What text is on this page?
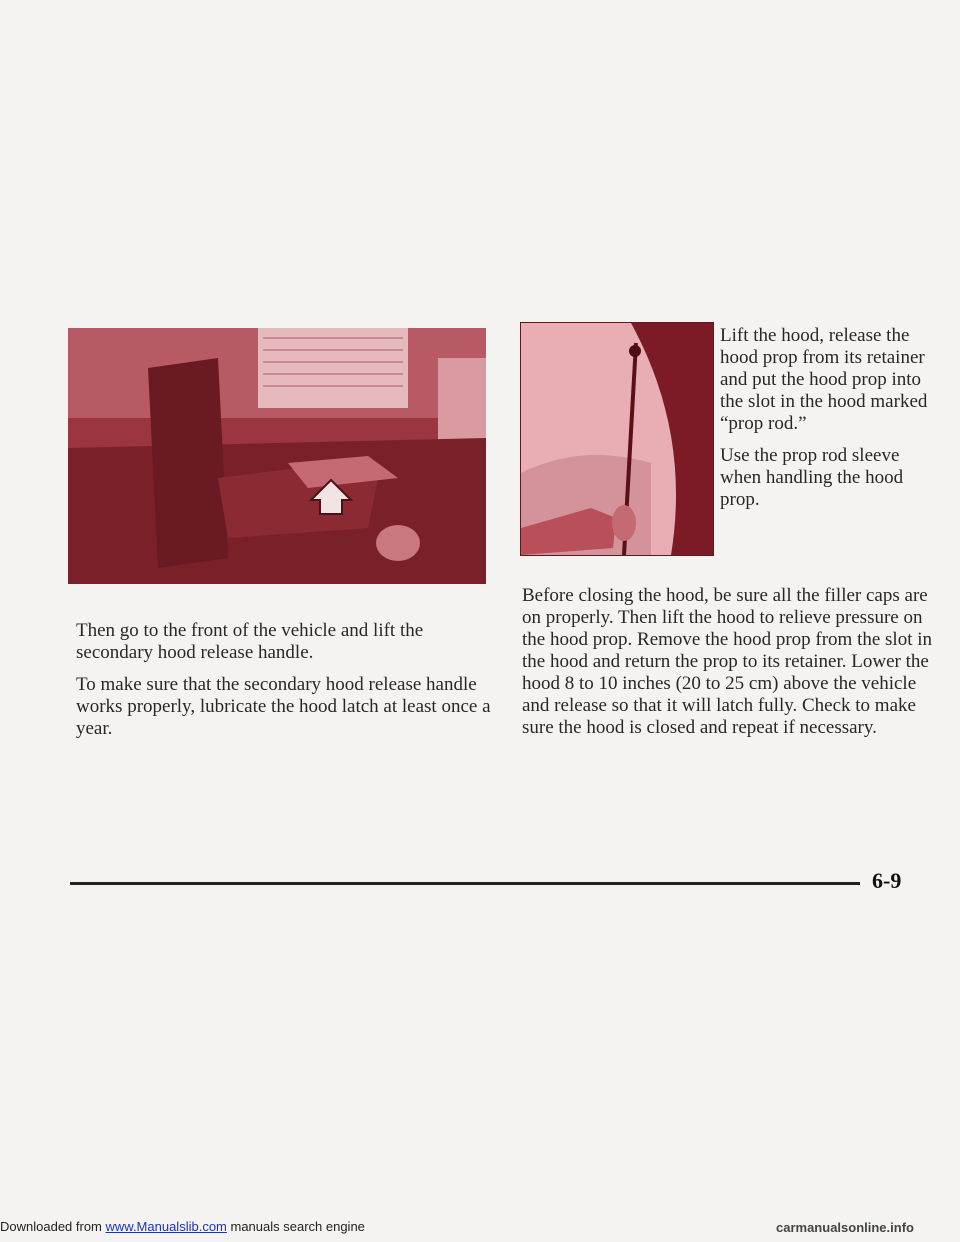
Lift the hood, release the hood prop from its retainer and put the hood prop into the slot in the hood marked “prop rod.”

Use the prop rod sleeve when handling the hood prop.

Then go to the front of the vehicle and lift the secondary hood release handle.

To make sure that the secondary hood release handle works properly, lubricate the hood latch at least once a year.

Before closing the hood, be sure all the filler caps are on properly. Then lift the hood to relieve pressure on the hood prop. Remove the hood prop from the slot in the hood and return the prop to its retainer. Lower the hood 8 to 10 inches (20 to 25 cm) above the vehicle and release so that it will latch fully. Check to make sure the hood is closed and repeat if necessary.

6-9
Downloaded from www.Manualslib.com manuals search engine	carmanualsonline.info
